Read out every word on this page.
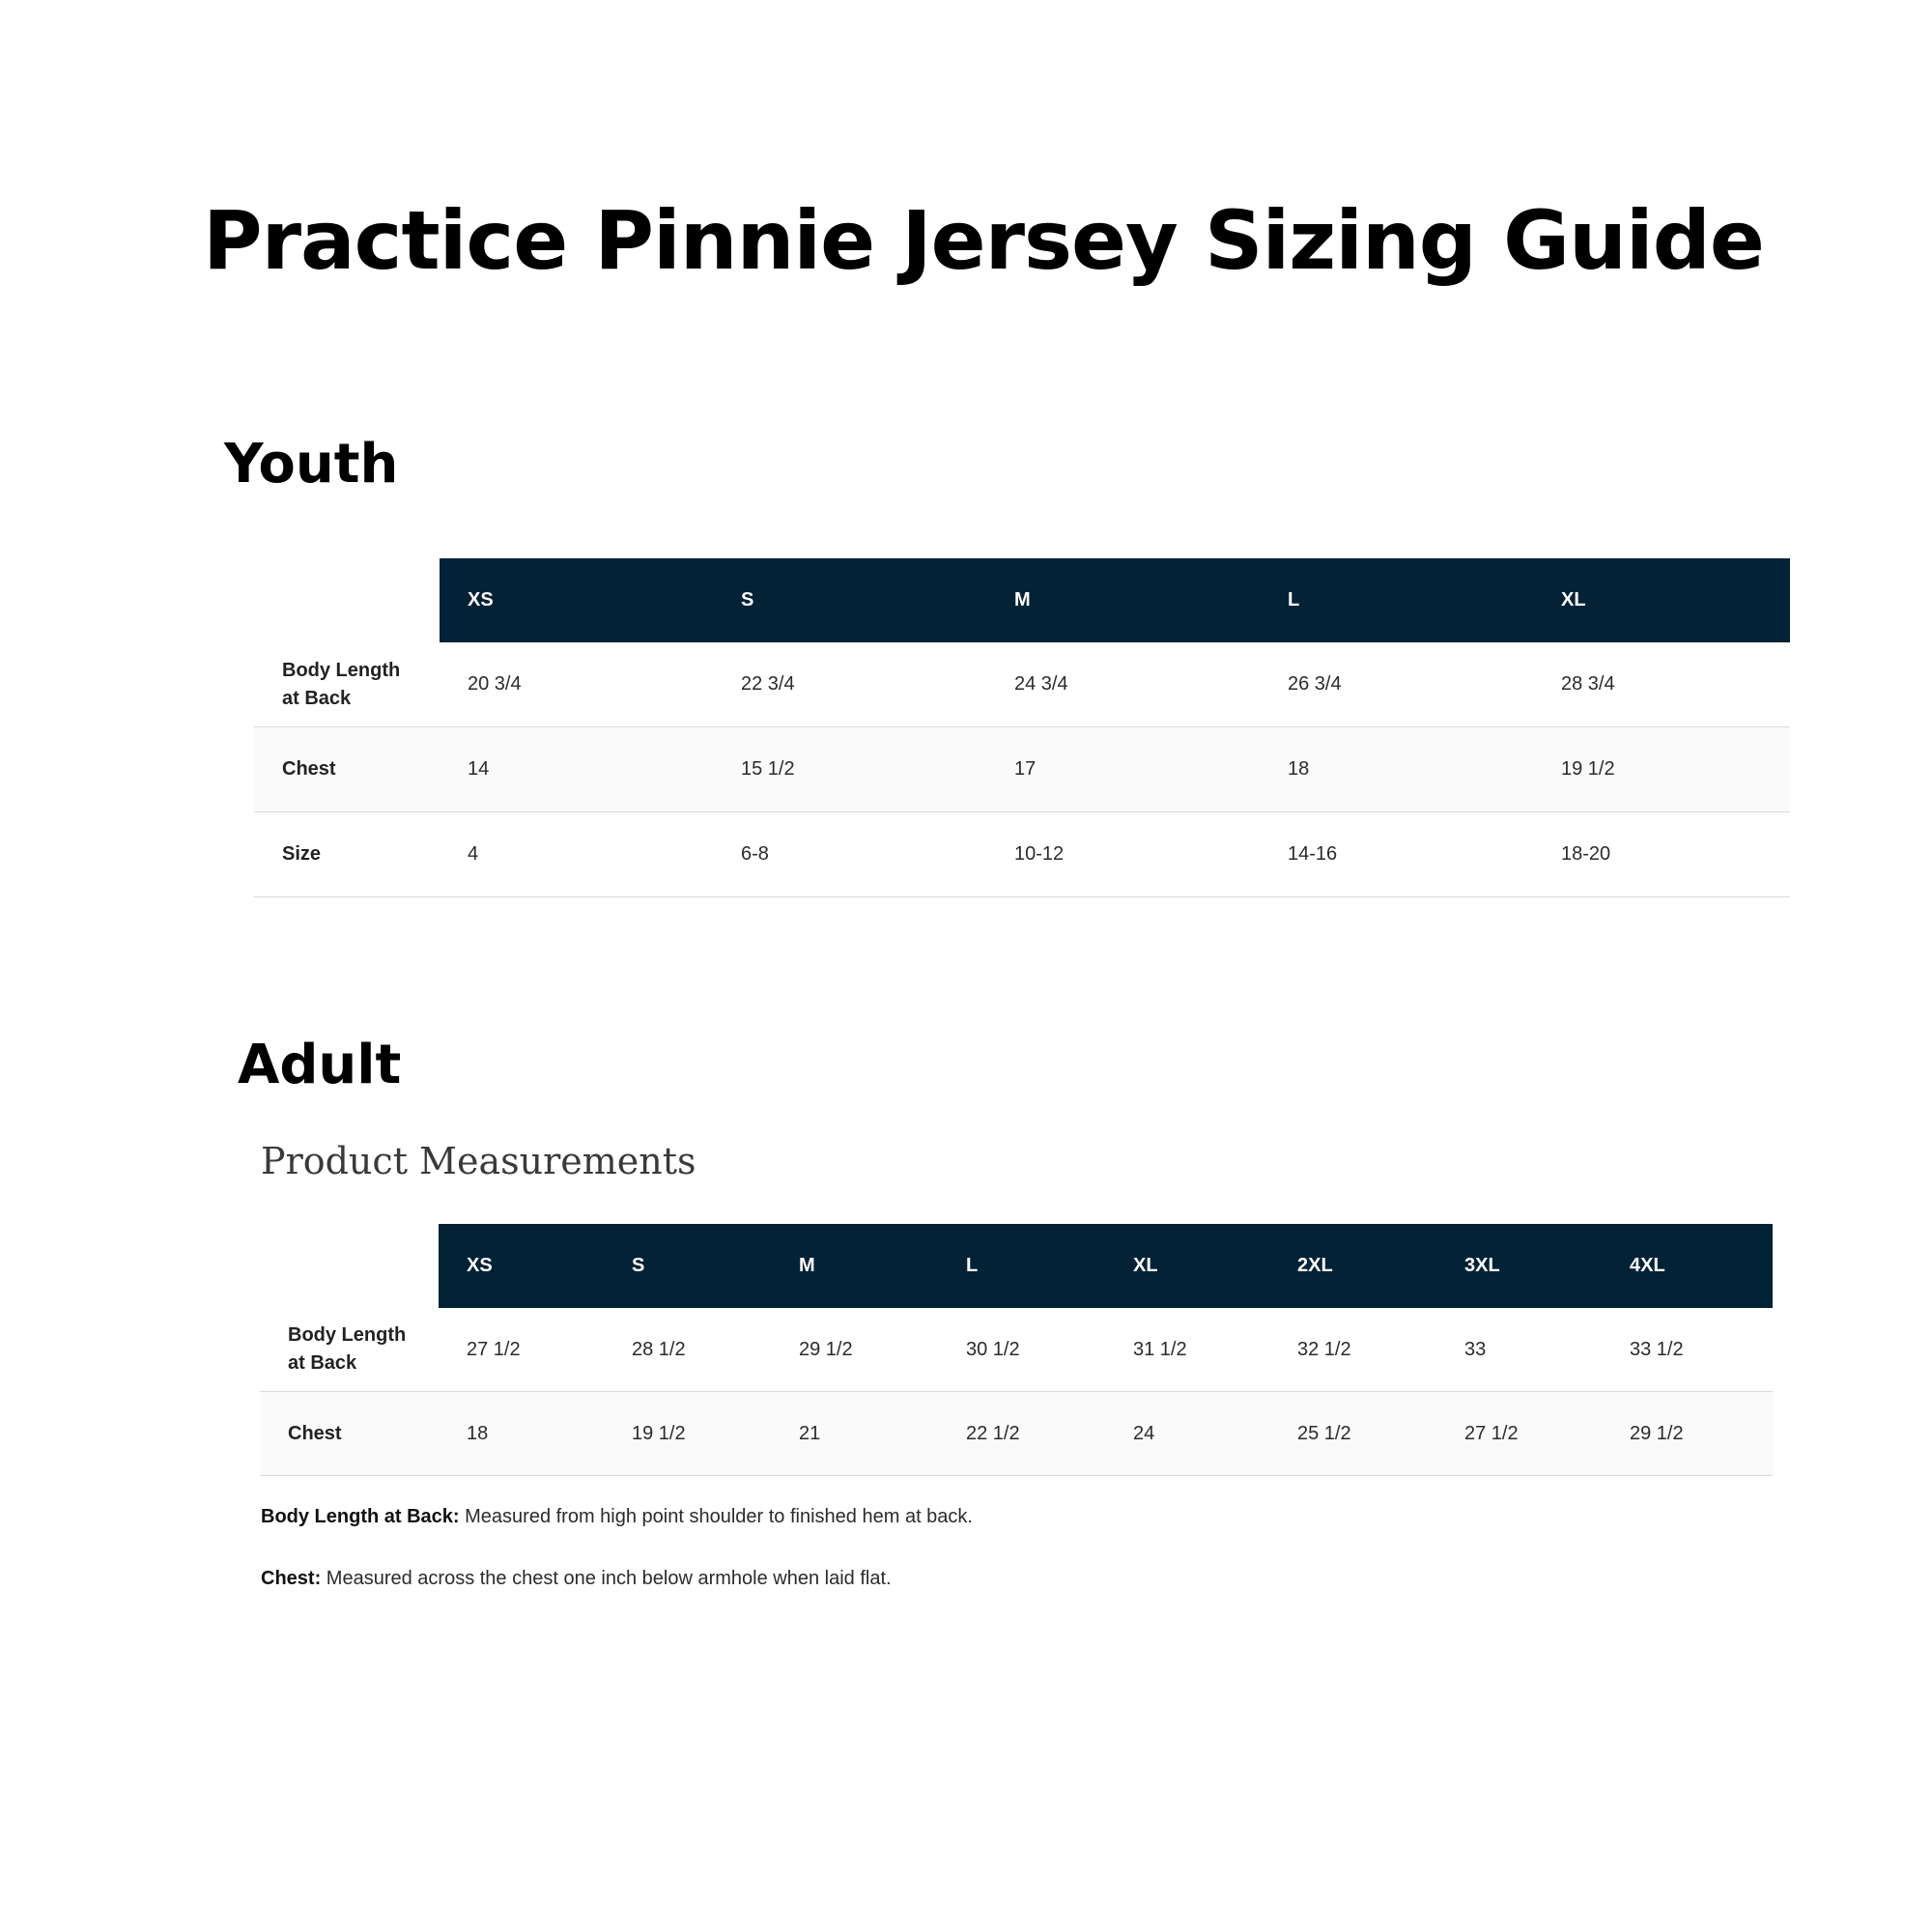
Practice Pinnie Jersey Sizing Guide
Youth
	XS	S	M	L	XL
Body Length
at Back	20 3/4	22 3/4	24 3/4	26 3/4	28 3/4
Chest	14	15 1/2	17	18	19 1/2
Size	4	6-8	10-12	14-16	18-20
Adult
Product Measurements
	XS	S	M	L	XL	2XL	3XL	4XL
Body Length
at Back	27 1/2	28 1/2	29 1/2	30 1/2	31 1/2	32 1/2	33	33 1/2
Chest	18	19 1/2	21	22 1/2	24	25 1/2	27 1/2	29 1/2

Body Length at Back: Measured from high point shoulder to finished hem at back.

Chest: Measured across the chest one inch below armhole when laid flat.
